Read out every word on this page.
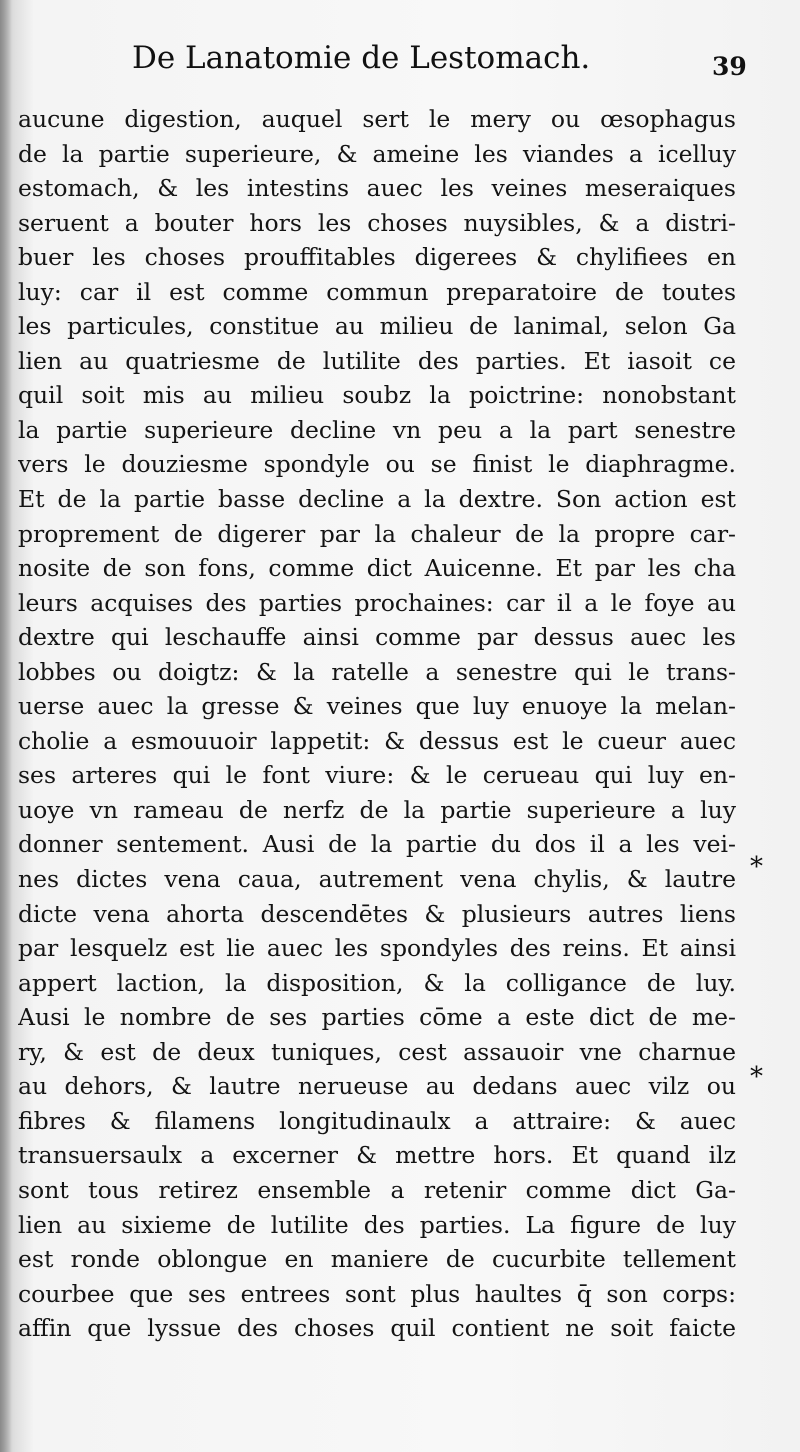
De Lanatomie de Lestomach.	39
aucune digestion, auquel sert le mery ou œsophagus
de la partie superieure, & ameine les viandes a icelluy
estomach, & les intestins auec les veines meseraiques
seruent a bouter hors les choses nuysibles, & a distri-
buer les choses prouffitables digerees & chylifiees en
luy: car il est comme commun preparatoire de toutes
les particules, constitue au milieu de lanimal, selon Ga
lien au quatriesme de lutilite des parties. Et iasoit ce
quil soit mis au milieu soubz la poictrine: nonobstant
la partie superieure decline vn peu a la part senestre
vers le douziesme spondyle ou se finist le diaphragme.
Et de la partie basse decline a la dextre. Son action est
proprement de digerer par la chaleur de la propre car-
nosite de son fons, comme dict Auicenne. Et par les cha
leurs acquises des parties prochaines: car il a le foye au
dextre qui leschauffe ainsi comme par dessus auec les
lobbes ou doigtz: & la ratelle a senestre qui le trans-
uerse auec la gresse & veines que luy enuoye la melan-
cholie a esmouuoir lappetit: & dessus est le cueur auec
ses arteres qui le font viure: & le cerueau qui luy en-
uoye vn rameau de nerfz de la partie superieure a luy
donner sentement. Ausi de la partie du dos il a les vei-
nes dictes vena caua, autrement vena chylis, & lautre
dicte vena ahorta descendētes & plusieurs autres liens
par lesquelz est lie auec les spondyles des reins. Et ainsi
appert laction, la disposition, & la colligance de luy.
Ausi le nombre de ses parties cōme a este dict de me-
ry, & est de deux tuniques, cest assauoir vne charnue
au dehors, & lautre nerueuse au dedans auec vilz ou
fibres & filamens longitudinaulx a attraire: & auec
transuersaulx a excerner & mettre hors. Et quand ilz
sont tous retirez ensemble a retenir comme dict Ga-
lien au sixieme de lutilite des parties. La figure de luy
est ronde oblongue en maniere de cucurbite tellement
courbee que ses entrees sont plus haultes q̄ son corps:
affin que lyssue des choses quil contient ne soit faicte
*
*
